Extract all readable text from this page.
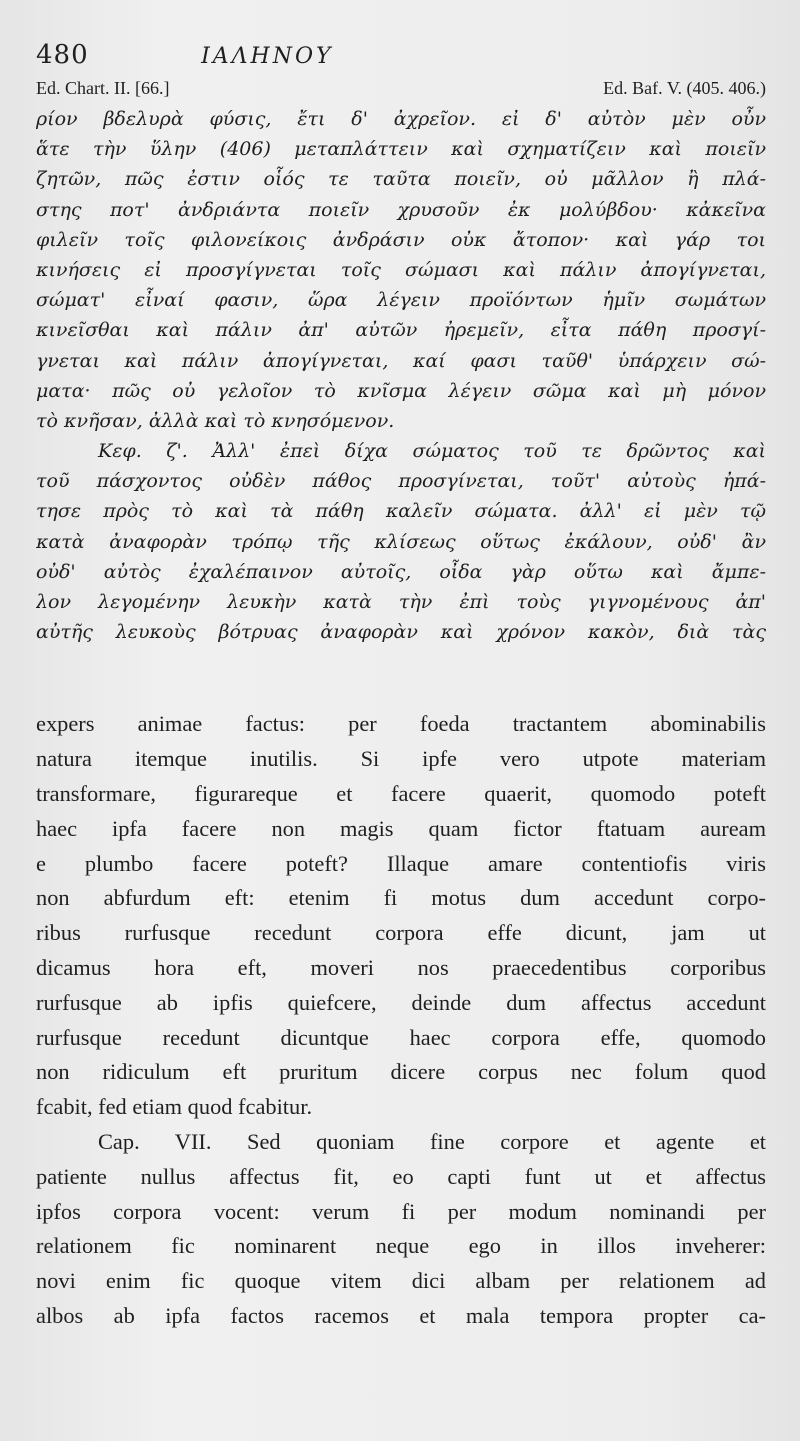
480	ΙΑΛΗΝΟΥ
Ed. Chart. II. [66.]	Ed. Baf. V. (405. 406.)
ρίον βδελυρὰ φύσις, ἔτι δ' ἀχρεῖον. εἰ δ' αὐτὸν μὲν οὖν
ἅτε τὴν ὕλην (406) μεταπλάττειν καὶ σχηματίζειν καὶ ποιεῖν
ζητῶν, πῶς ἐστιν οἷός τε ταῦτα ποιεῖν, οὐ μᾶλλον ἢ πλά-
στης ποτ' ἀνδριάντα ποιεῖν χρυσοῦν ἐκ μολύβδου· κἀκεῖνα
φιλεῖν τοῖς φιλονείκοις ἀνδράσιν οὐκ ἄτοπον· καὶ γάρ τοι
κινήσεις εἰ προσγίγνεται τοῖς σώμασι καὶ πάλιν ἀπογίγνεται,
σώματ' εἶναί φασιν, ὥρα λέγειν προϊόντων ἡμῖν σωμάτων
κινεῖσθαι καὶ πάλιν ἀπ' αὐτῶν ἠρεμεῖν, εἶτα πάθη προσγί-
γνεται καὶ πάλιν ἀπογίγνεται, καί φασι ταῦθ' ὑπάρχειν σώ-
ματα· πῶς οὐ γελοῖον τὸ κνῖσμα λέγειν σῶμα καὶ μὴ μόνον
τὸ κνῆσαν, ἀλλὰ καὶ τὸ κνησόμενον.
Κεφ. ζ'. Ἀλλ' ἐπεὶ δίχα σώματος τοῦ τε δρῶντος καὶ
τοῦ πάσχοντος οὐδὲν πάθος προσγίνεται, τοῦτ' αὐτοὺς ἠπά-
τησε πρὸς τὸ καὶ τὰ πάθη καλεῖν σώματα. ἀλλ' εἰ μὲν τῷ
κατὰ ἀναφορὰν τρόπῳ τῆς κλίσεως οὕτως ἐκάλουν, οὐδ' ἂν
οὐδ' αὐτὸς ἐχαλέπαινον αὐτοῖς, οἶδα γὰρ οὕτω καὶ ἄμπε-
λον λεγομένην λευκὴν κατὰ τὴν ἐπὶ τοὺς γιγνομένους ἀπ'
αὐτῆς λευκοὺς βότρυας ἀναφορὰν καὶ χρόνον κακὸν, διὰ τὰς
expers animae factus: per foeda tractantem abominabilis
natura itemque inutilis. Si ipfe vero utpote materiam
transformare, figurareque et facere quaerit, quomodo poteft
haec ipfa facere non magis quam fictor ftatuam auream
e plumbo facere poteft? Illaque amare contentiofis viris
non abfurdum eft: etenim fi motus dum accedunt corpo-
ribus rurfusque recedunt corpora effe dicunt, jam ut
dicamus hora eft, moveri nos praecedentibus corporibus
rurfusque ab ipfis quiefcere, deinde dum affectus accedunt
rurfusque recedunt dicuntque haec corpora effe, quomodo
non ridiculum eft pruritum dicere corpus nec folum quod
fcabit, fed etiam quod fcabitur.
Cap. VII. Sed quoniam fine corpore et agente et
patiente nullus affectus fit, eo capti funt ut et affectus
ipfos corpora vocent: verum fi per modum nominandi per
relationem fic nominarent neque ego in illos inveherer:
novi enim fic quoque vitem dici albam per relationem ad
albos ab ipfa factos racemos et mala tempora propter ca-
